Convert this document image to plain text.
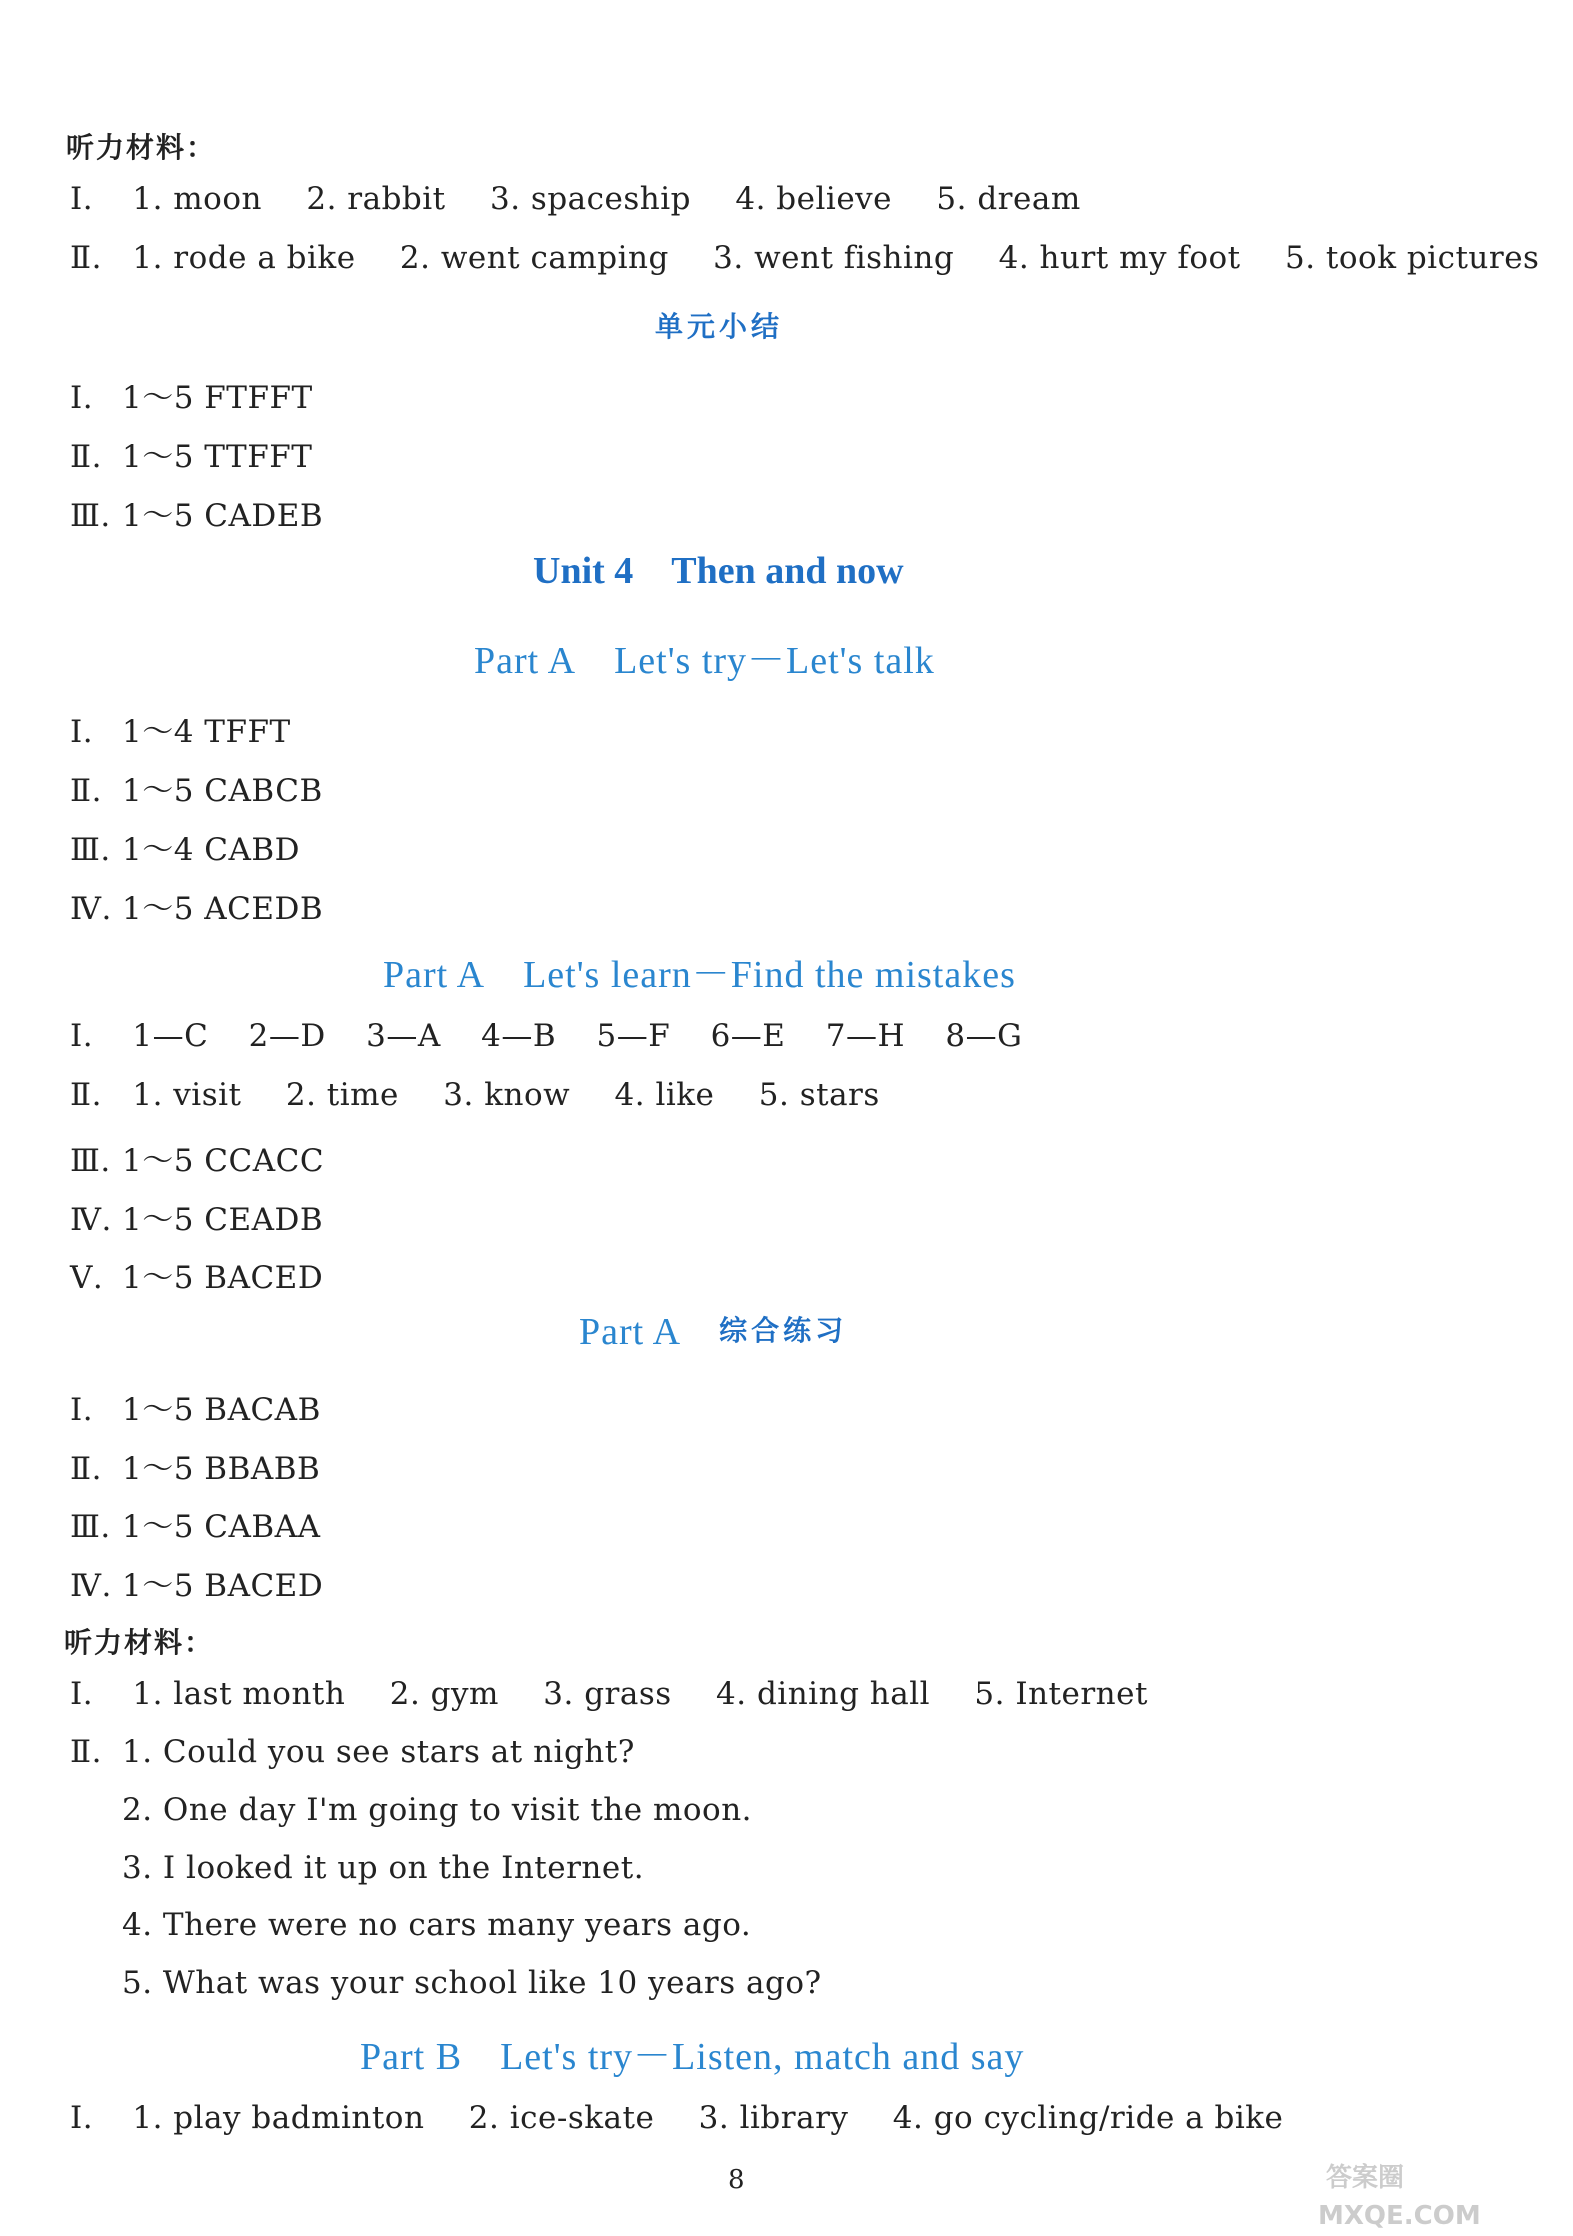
听力材料：
Ⅰ. 1. moon 2. rabbit 3. spaceship 4. believe 5. dream
Ⅱ. 1. rode a bike 2. went camping 3. went fishing 4. hurt my foot 5. took pictures
单元小结
Ⅰ. 1～5 FTFFT
Ⅱ. 1～5 TTFFT
Ⅲ. 1～5 CADEB
Unit 4 Then and now
Part A Let's try－Let's talk
Ⅰ. 1～4 TFFT
Ⅱ. 1～5 CABCB
Ⅲ. 1～4 CABD
Ⅳ. 1～5 ACEDB
Part A Let's learn－Find the mistakes
Ⅰ. 1—C 2—D 3—A 4—B 5—F 6—E 7—H 8—G
Ⅱ. 1. visit 2. time 3. know 4. like 5. stars
Ⅲ. 1～5 CCACC
Ⅳ. 1～5 CEADB
Ⅴ. 1～5 BACED
Part A 综合练习
Ⅰ. 1～5 BACAB
Ⅱ. 1～5 BBABB
Ⅲ. 1～5 CABAA
Ⅳ. 1～5 BACED
听力材料：
Ⅰ. 1. last month 2. gym 3. grass 4. dining hall 5. Internet
Ⅱ. 1. Could you see stars at night?
2. One day I'm going to visit the moon.
3. I looked it up on the Internet.
4. There were no cars many years ago.
5. What was your school like 10 years ago?
Part B Let's try－Listen, match and say
Ⅰ. 1. play badminton 2. ice-skate 3. library 4. go cycling/ride a bike
8	答案圈
MXQE.COM
